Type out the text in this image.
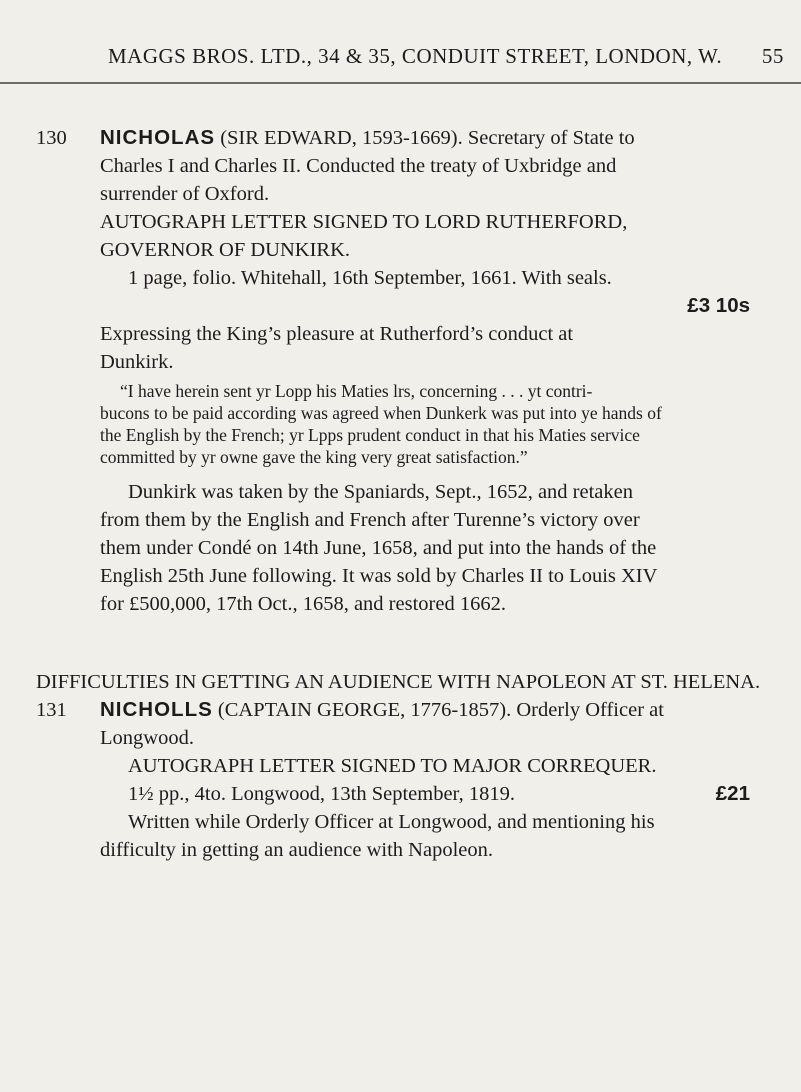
MAGGS BROS. LTD., 34 & 35, CONDUIT STREET, LONDON, W. 55

130 NICHOLAS (SIR EDWARD, 1593-1669). Secretary of State to

Charles I and Charles II. Conducted the treaty of Uxbridge and

surrender of Oxford.

AUTOGRAPH LETTER SIGNED TO LORD RUTHERFORD,

GOVERNOR OF DUNKIRK.

1 page, folio. Whitehall, 16th September, 1661. With seals.

£3 10s

Expressing the King’s pleasure at Rutherford’s conduct at

Dunkirk.

“I have herein sent yr Lopp his Maties lrs, concerning . . . yt contri-

bucons to be paid according was agreed when Dunkerk was put into ye hands of

the English by the French; yr Lpps prudent conduct in that his Maties service

committed by yr owne gave the king very great satisfaction.”

Dunkirk was taken by the Spaniards, Sept., 1652, and retaken

from them by the English and French after Turenne’s victory over

them under Condé on 14th June, 1658, and put into the hands of the

English 25th June following. It was sold by Charles II to Louis XIV

for £500,000, 17th Oct., 1658, and restored 1662.

DIFFICULTIES IN GETTING AN AUDIENCE WITH NAPOLEON AT ST. HELENA.

131 NICHOLLS (CAPTAIN GEORGE, 1776-1857). Orderly Officer at

Longwood.

AUTOGRAPH LETTER SIGNED TO MAJOR CORREQUER.

1½ pp., 4to. Longwood, 13th September, 1819.	£21

Written while Orderly Officer at Longwood, and mentioning his

difficulty in getting an audience with Napoleon.
